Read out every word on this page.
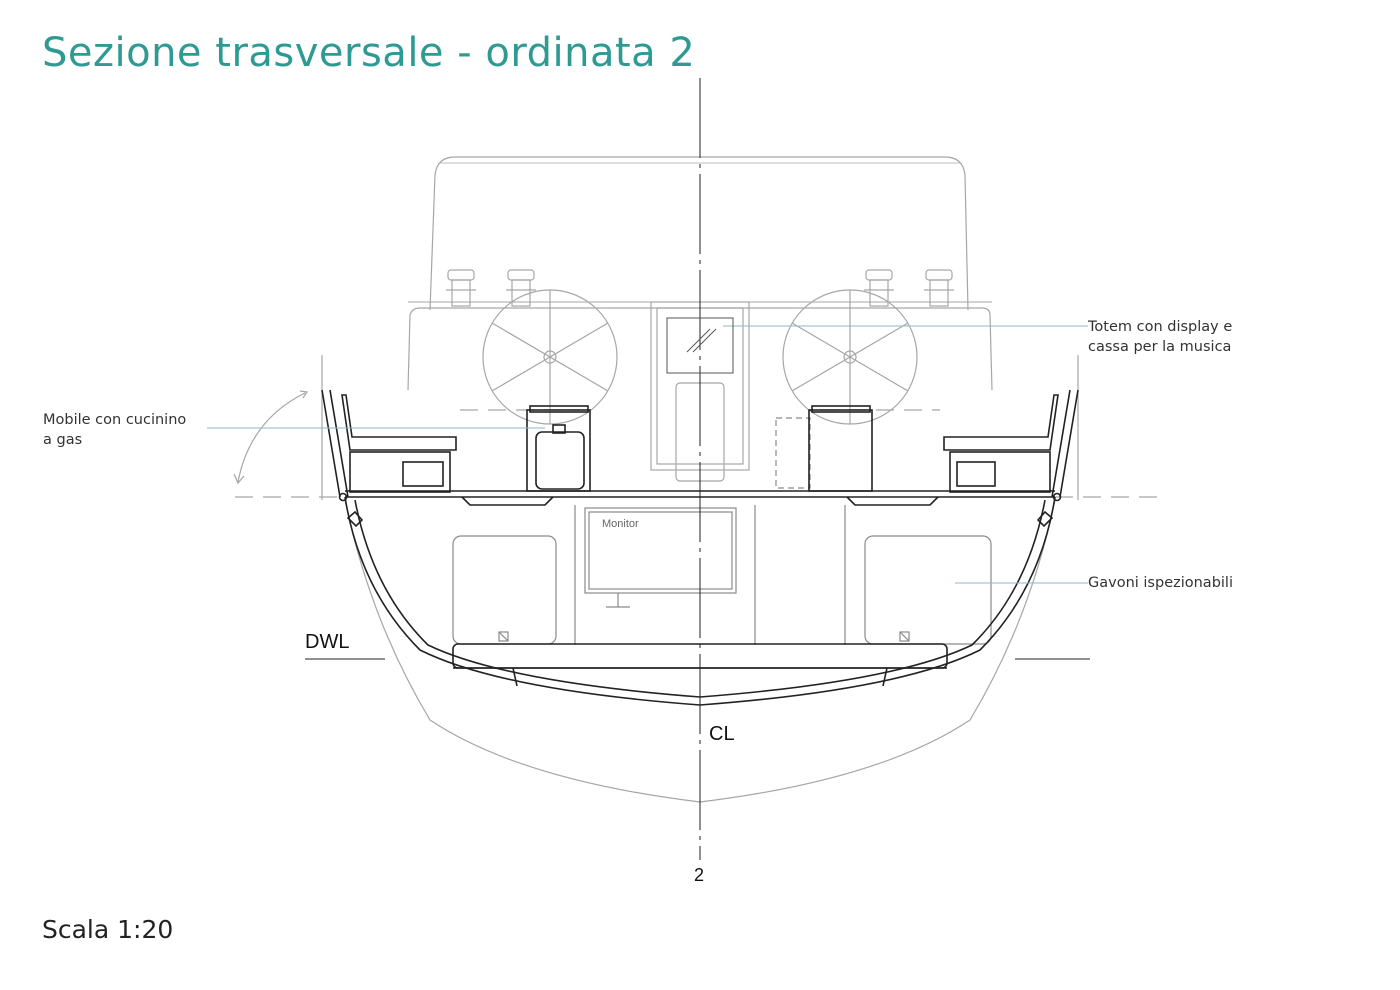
Sezione trasversale - ordinata 2
Monitor
DWL
CL
2
Totem con display e
cassa per la musica
Mobile con cucinino
a gas
Gavoni ispezionabili
Scala 1:20
